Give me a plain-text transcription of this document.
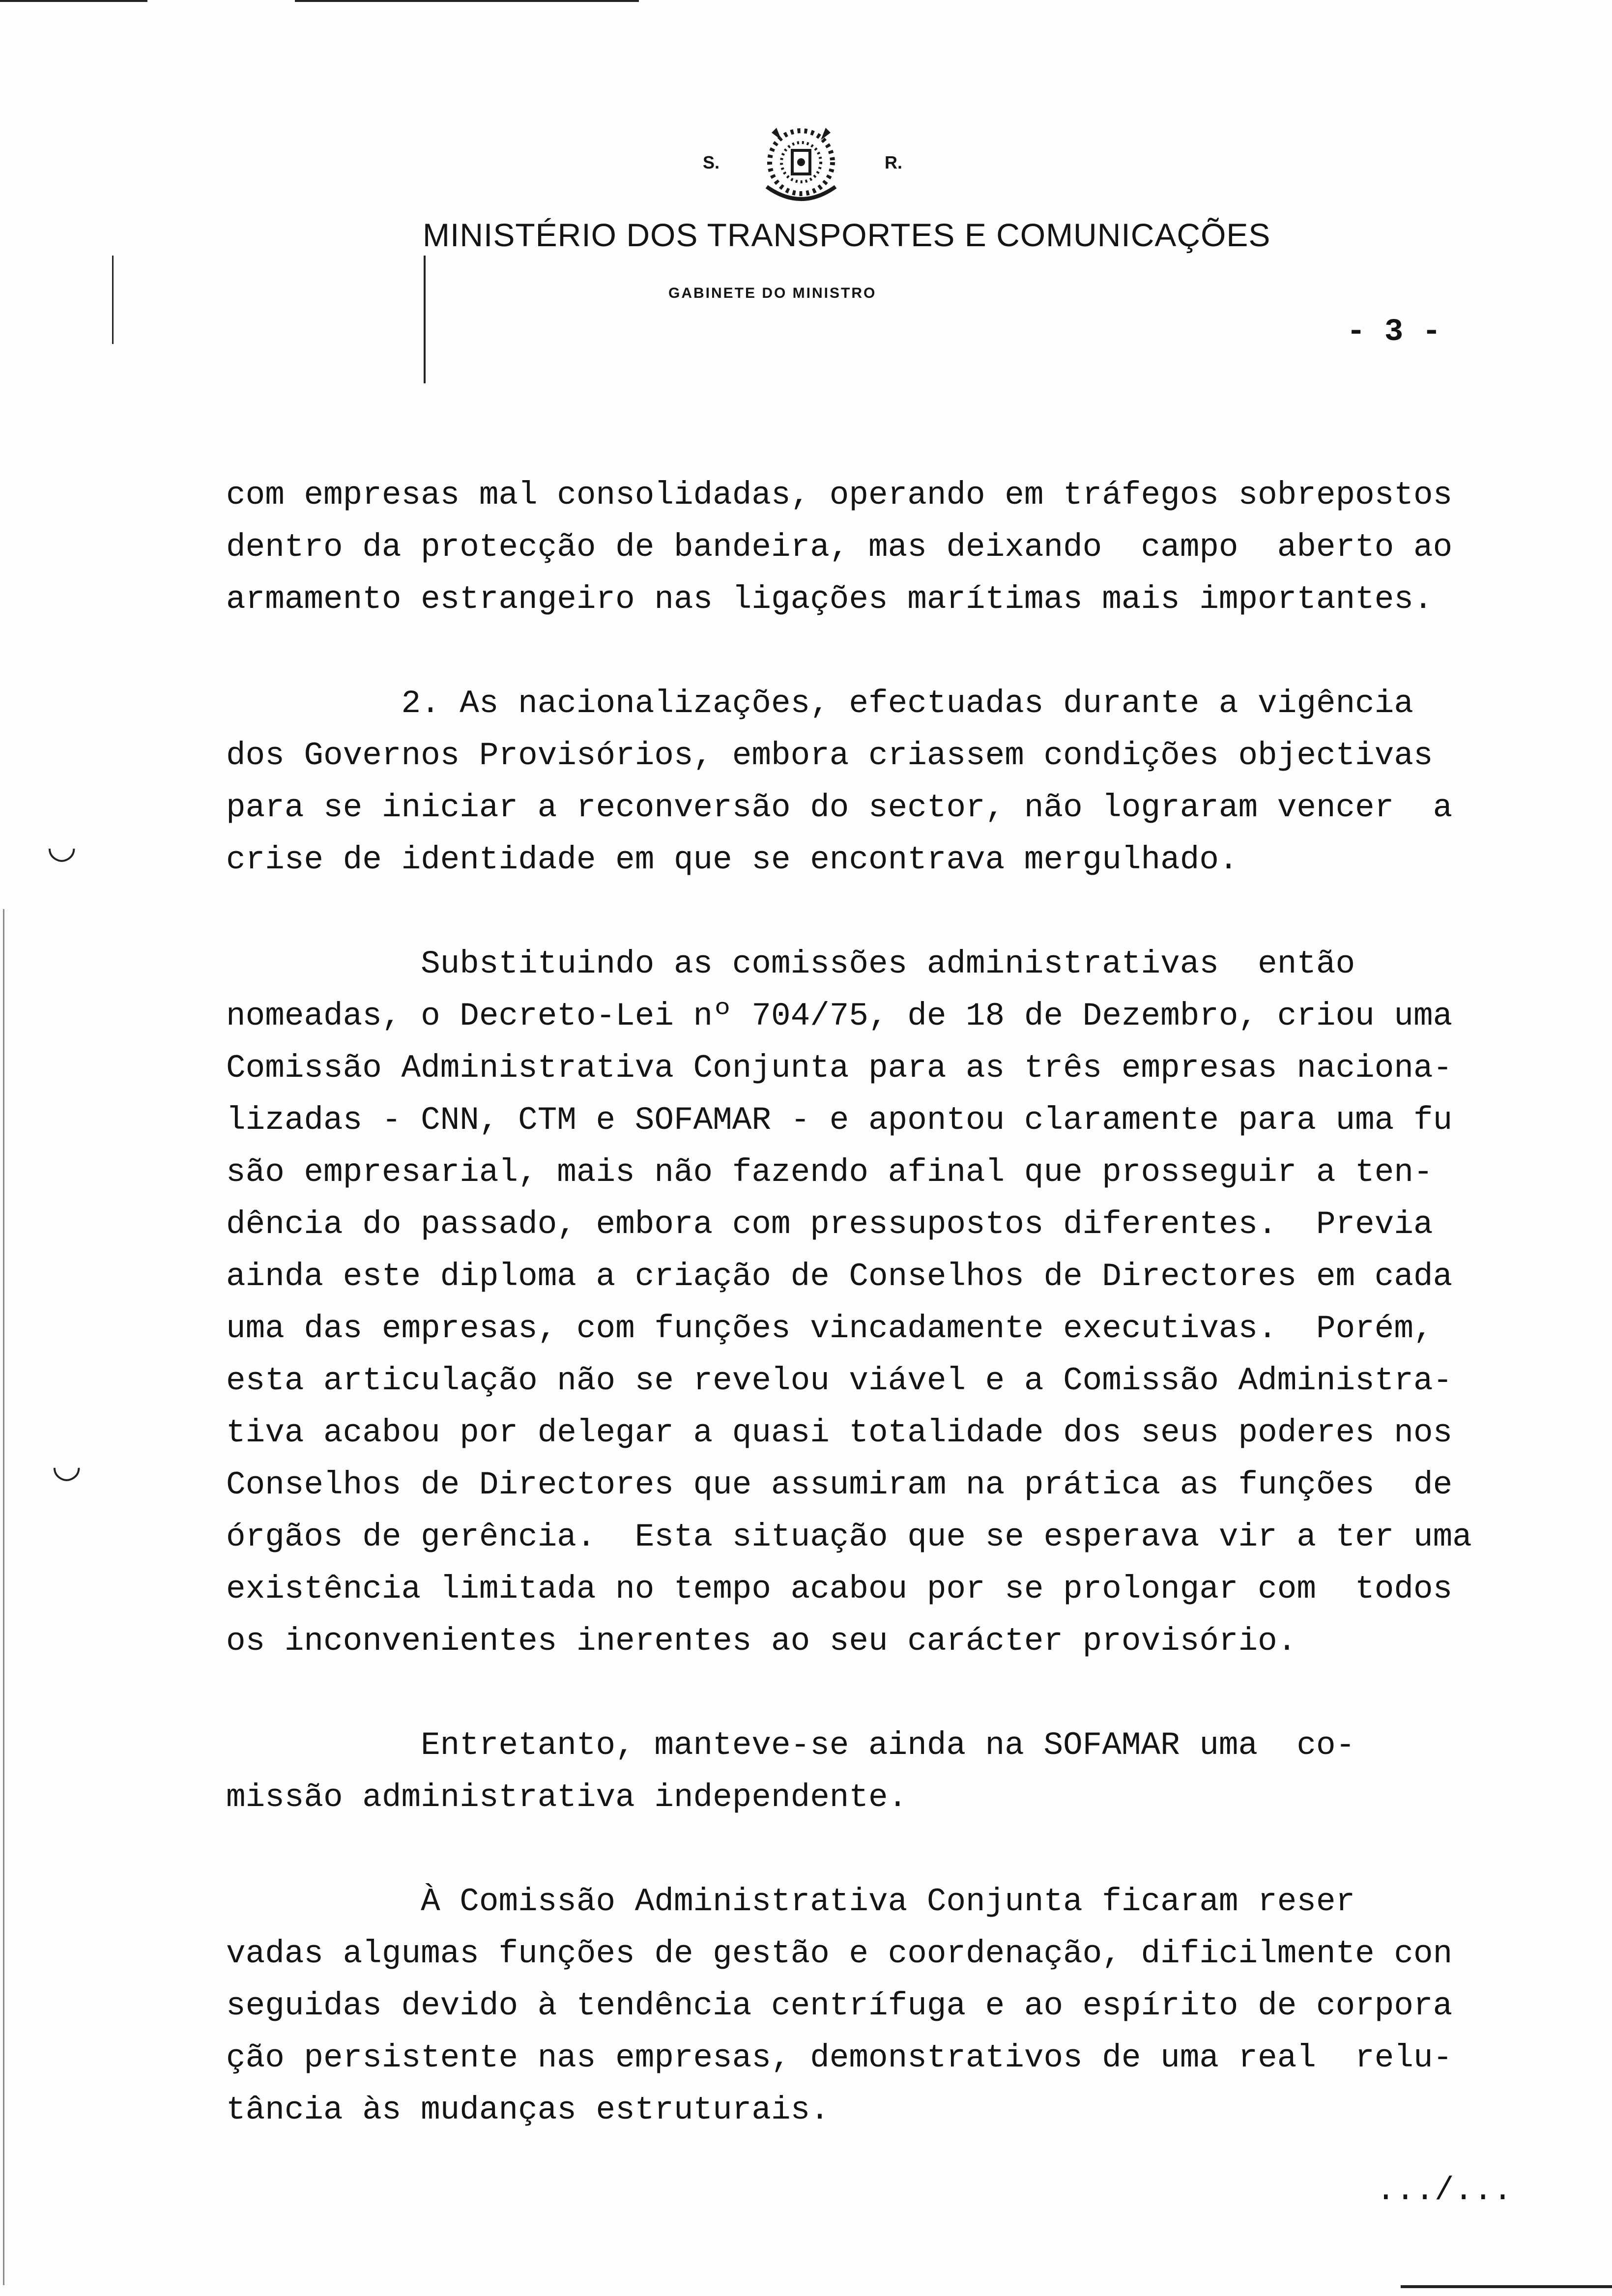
◡
◡
S.	R.
MINISTÉRIO DOS TRANSPORTES E COMUNICAÇÕES
GABINETE DO MINISTRO
- 3 -
com empresas mal consolidadas, operando em tráfegos sobrepostos
dentro da protecção de bandeira, mas deixando  campo  aberto ao
armamento estrangeiro nas ligações marítimas mais importantes.
2. As nacionalizações, efectuadas durante a vigência
dos Governos Provisórios, embora criassem condições objectivas
para se iniciar a reconversão do sector, não lograram vencer  a
crise de identidade em que se encontrava mergulhado.
Substituindo as comissões administrativas  então
nomeadas, o Decreto-Lei nº 704/75, de 18 de Dezembro, criou uma
Comissão Administrativa Conjunta para as três empresas naciona-
lizadas - CNN, CTM e SOFAMAR - e apontou claramente para uma fu
são empresarial, mais não fazendo afinal que prosseguir a ten-
dência do passado, embora com pressupostos diferentes.  Previa
ainda este diploma a criação de Conselhos de Directores em cada
uma das empresas, com funções vincadamente executivas.  Porém,
esta articulação não se revelou viável e a Comissão Administra-
tiva acabou por delegar a quasi totalidade dos seus poderes nos
Conselhos de Directores que assumiram na prática as funções  de
órgãos de gerência.  Esta situação que se esperava vir a ter uma
existência limitada no tempo acabou por se prolongar com  todos
os inconvenientes inerentes ao seu carácter provisório.
Entretanto, manteve-se ainda na SOFAMAR uma  co-
missão administrativa independente.
À Comissão Administrativa Conjunta ficaram reser
vadas algumas funções de gestão e coordenação, dificilmente con
seguidas devido à tendência centrífuga e ao espírito de corpora
ção persistente nas empresas, demonstrativos de uma real  relu-
tância às mudanças estruturais.
.../...
